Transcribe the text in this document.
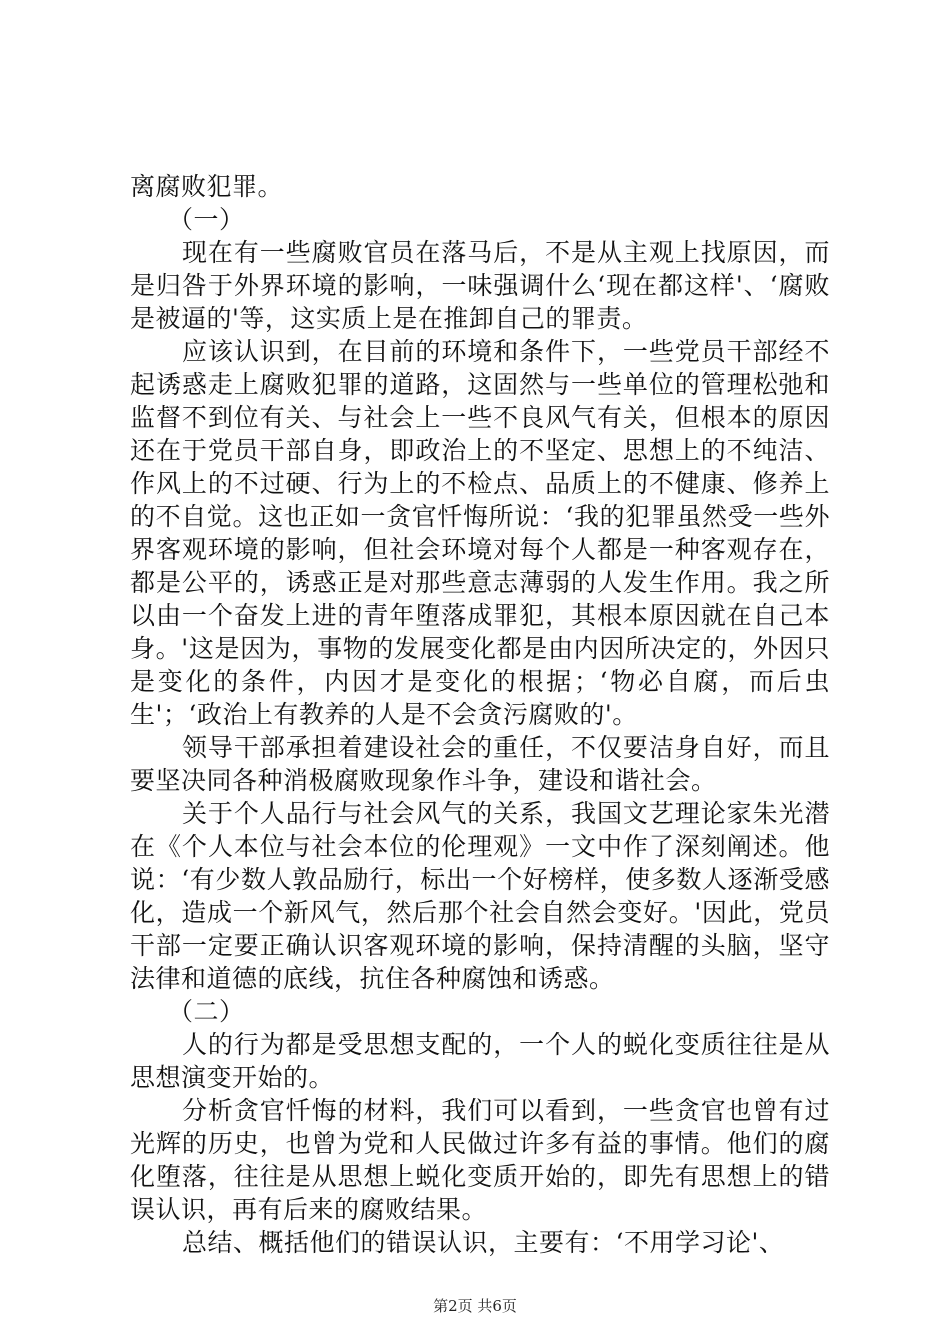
离腐败犯罪。

（一）

现在有一些腐败官员在落马后，不是从主观上找原因，而是归咎于外界环境的影响，一味强调什么‘现在都这样'、‘腐败是被逼的'等，这实质上是在推卸自己的罪责。

应该认识到，在目前的环境和条件下，一些党员干部经不起诱惑走上腐败犯罪的道路，这固然与一些单位的管理松弛和监督不到位有关、与社会上一些不良风气有关，但根本的原因还在于党员干部自身，即政治上的不坚定、思想上的不纯洁、作风上的不过硬、行为上的不检点、品质上的不健康、修养上的不自觉。这也正如一贪官忏悔所说：‘我的犯罪虽然受一些外界客观环境的影响，但社会环境对每个人都是一种客观存在，都是公平的，诱惑正是对那些意志薄弱的人发生作用。我之所以由一个奋发上进的青年堕落成罪犯，其根本原因就在自己本身。'这是因为，事物的发展变化都是由内因所决定的，外因只是变化的条件，内因才是变化的根据；‘物必自腐，而后虫生'；‘政治上有教养的人是不会贪污腐败的'。

领导干部承担着建设社会的重任，不仅要洁身自好，而且要坚决同各种消极腐败现象作斗争，建设和谐社会。

关于个人品行与社会风气的关系，我国文艺理论家朱光潜在《个人本位与社会本位的伦理观》一文中作了深刻阐述。他说：‘有少数人敦品励行，标出一个好榜样，使多数人逐渐受感化，造成一个新风气，然后那个社会自然会变好。'因此，党员干部一定要正确认识客观环境的影响，保持清醒的头脑，坚守法律和道德的底线，抗住各种腐蚀和诱惑。

（二）

人的行为都是受思想支配的，一个人的蜕化变质往往是从思想演变开始的。

分析贪官忏悔的材料，我们可以看到，一些贪官也曾有过光辉的历史，也曾为党和人民做过许多有益的事情。他们的腐化堕落，往往是从思想上蜕化变质开始的，即先有思想上的错误认识，再有后来的腐败结果。

总结、概括他们的错误认识，主要有：‘不用学习论'、

第2页 共6页
